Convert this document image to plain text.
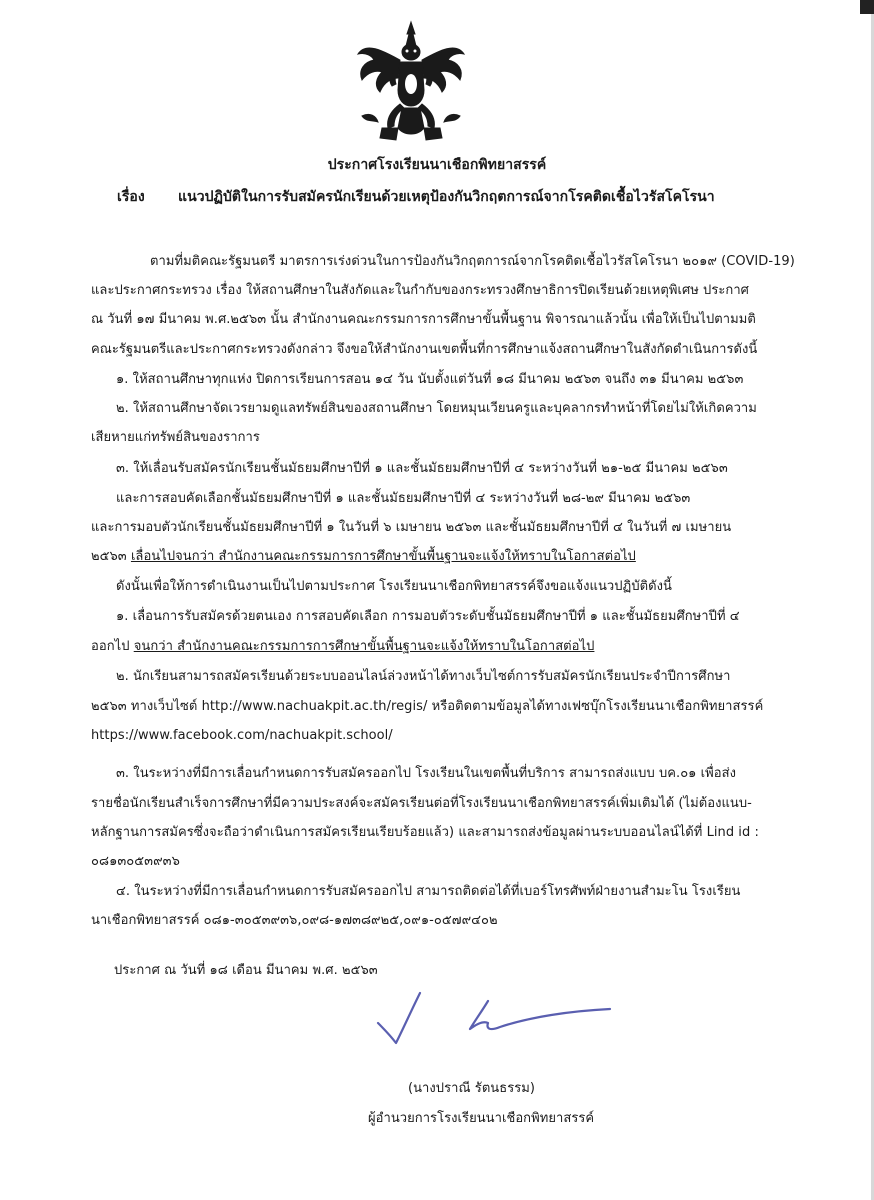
ประกาศโรงเรียนนาเชือกพิทยาสรรค์
เรื่อง แนวปฏิบัติในการรับสมัครนักเรียนด้วยเหตุป้องกันวิกฤตการณ์จากโรคติดเชื้อไวรัสโคโรนา
ตามที่มติคณะรัฐมนตรี มาตรการเร่งด่วนในการป้องกันวิกฤตการณ์จากโรคติดเชื้อไวรัสโคโรนา ๒๐๑๙ (COVID-19)
และประกาศกระทรวง เรื่อง ให้สถานศึกษาในสังกัดและในกำกับของกระทรวงศึกษาธิการปิดเรียนด้วยเหตุพิเศษ ประกาศ
ณ วันที่ ๑๗ มีนาคม พ.ศ.๒๕๖๓ นั้น สำนักงานคณะกรรมการการศึกษาขั้นพื้นฐาน พิจารณาแล้วนั้น เพื่อให้เป็นไปตามมติ
คณะรัฐมนตรีและประกาศกระทรวงดังกล่าว จึงขอให้สำนักงานเขตพื้นที่การศึกษาแจ้งสถานศึกษาในสังกัดดำเนินการดังนี้
๑. ให้สถานศึกษาทุกแห่ง ปิดการเรียนการสอน ๑๔ วัน นับตั้งแต่วันที่ ๑๘ มีนาคม ๒๕๖๓ จนถึง ๓๑ มีนาคม ๒๕๖๓
๒. ให้สถานศึกษาจัดเวรยามดูแลทรัพย์สินของสถานศึกษา โดยหมุนเวียนครูและบุคลากรทำหน้าที่โดยไม่ให้เกิดความ
เสียหายแก่ทรัพย์สินของราการ
๓. ให้เลื่อนรับสมัครนักเรียนชั้นมัธยมศึกษาปีที่ ๑ และชั้นมัธยมศึกษาปีที่ ๔ ระหว่างวันที่ ๒๑-๒๕ มีนาคม ๒๕๖๓
และการสอบคัดเลือกชั้นมัธยมศึกษาปีที่ ๑ และชั้นมัธยมศึกษาปีที่ ๔ ระหว่างวันที่ ๒๘-๒๙ มีนาคม ๒๕๖๓
และการมอบตัวนักเรียนชั้นมัธยมศึกษาปีที่ ๑ ในวันที่ ๖ เมษายน ๒๕๖๓ และชั้นมัธยมศึกษาปีที่ ๔ ในวันที่ ๗ เมษายน
๒๕๖๓ เลื่อนไปจนกว่า สำนักงานคณะกรรมการการศึกษาขั้นพื้นฐานจะแจ้งให้ทราบในโอกาสต่อไป
ดังนั้นเพื่อให้การดำเนินงานเป็นไปตามประกาศ โรงเรียนนาเชือกพิทยาสรรค์จึงขอแจ้งแนวปฏิบัติดังนี้
๑. เลื่อนการรับสมัครด้วยตนเอง การสอบคัดเลือก การมอบตัวระดับชั้นมัธยมศึกษาปีที่ ๑ และชั้นมัธยมศึกษาปีที่ ๔
ออกไป จนกว่า สำนักงานคณะกรรมการการศึกษาขั้นพื้นฐานจะแจ้งให้ทราบในโอกาสต่อไป
๒. นักเรียนสามารถสมัครเรียนด้วยระบบออนไลน์ล่วงหน้าได้ทางเว็บไซต์การรับสมัครนักเรียนประจำปีการศึกษา
๒๕๖๓ ทางเว็บไซต์ http://www.nachuakpit.ac.th/regis/ หรือติดตามข้อมูลได้ทางเฟซบุ๊กโรงเรียนนาเชือกพิทยาสรรค์
https://www.facebook.com/nachuakpit.school/
๓. ในระหว่างที่มีการเลื่อนกำหนดการรับสมัครออกไป โรงเรียนในเขตพื้นที่บริการ สามารถส่งแบบ บค.๐๑ เพื่อส่ง
รายชื่อนักเรียนสำเร็จการศึกษาที่มีความประสงค์จะสมัครเรียนต่อที่โรงเรียนนาเชือกพิทยาสรรค์เพิ่มเติมได้ (ไม่ต้องแนบ-
หลักฐานการสมัครซึ่งจะถือว่าดำเนินการสมัครเรียนเรียบร้อยแล้ว) และสามารถส่งข้อมูลผ่านระบบออนไลน์ได้ที่ Lind id :
๐๘๑๓๐๕๓๙๓๖
๔. ในระหว่างที่มีการเลื่อนกำหนดการรับสมัครออกไป สามารถติดต่อได้ที่เบอร์โทรศัพท์ฝ่ายงานสำมะโน โรงเรียน
นาเชือกพิทยาสรรค์ ๐๘๑-๓๐๕๓๙๓๖,๐๙๘-๑๗๓๘๙๒๕,๐๙๑-๐๕๗๙๔๐๒
ประกาศ ณ วันที่ ๑๘ เดือน มีนาคม พ.ศ. ๒๕๖๓
(นางปราณี รัตนธรรม)
ผู้อำนวยการโรงเรียนนาเชือกพิทยาสรรค์
